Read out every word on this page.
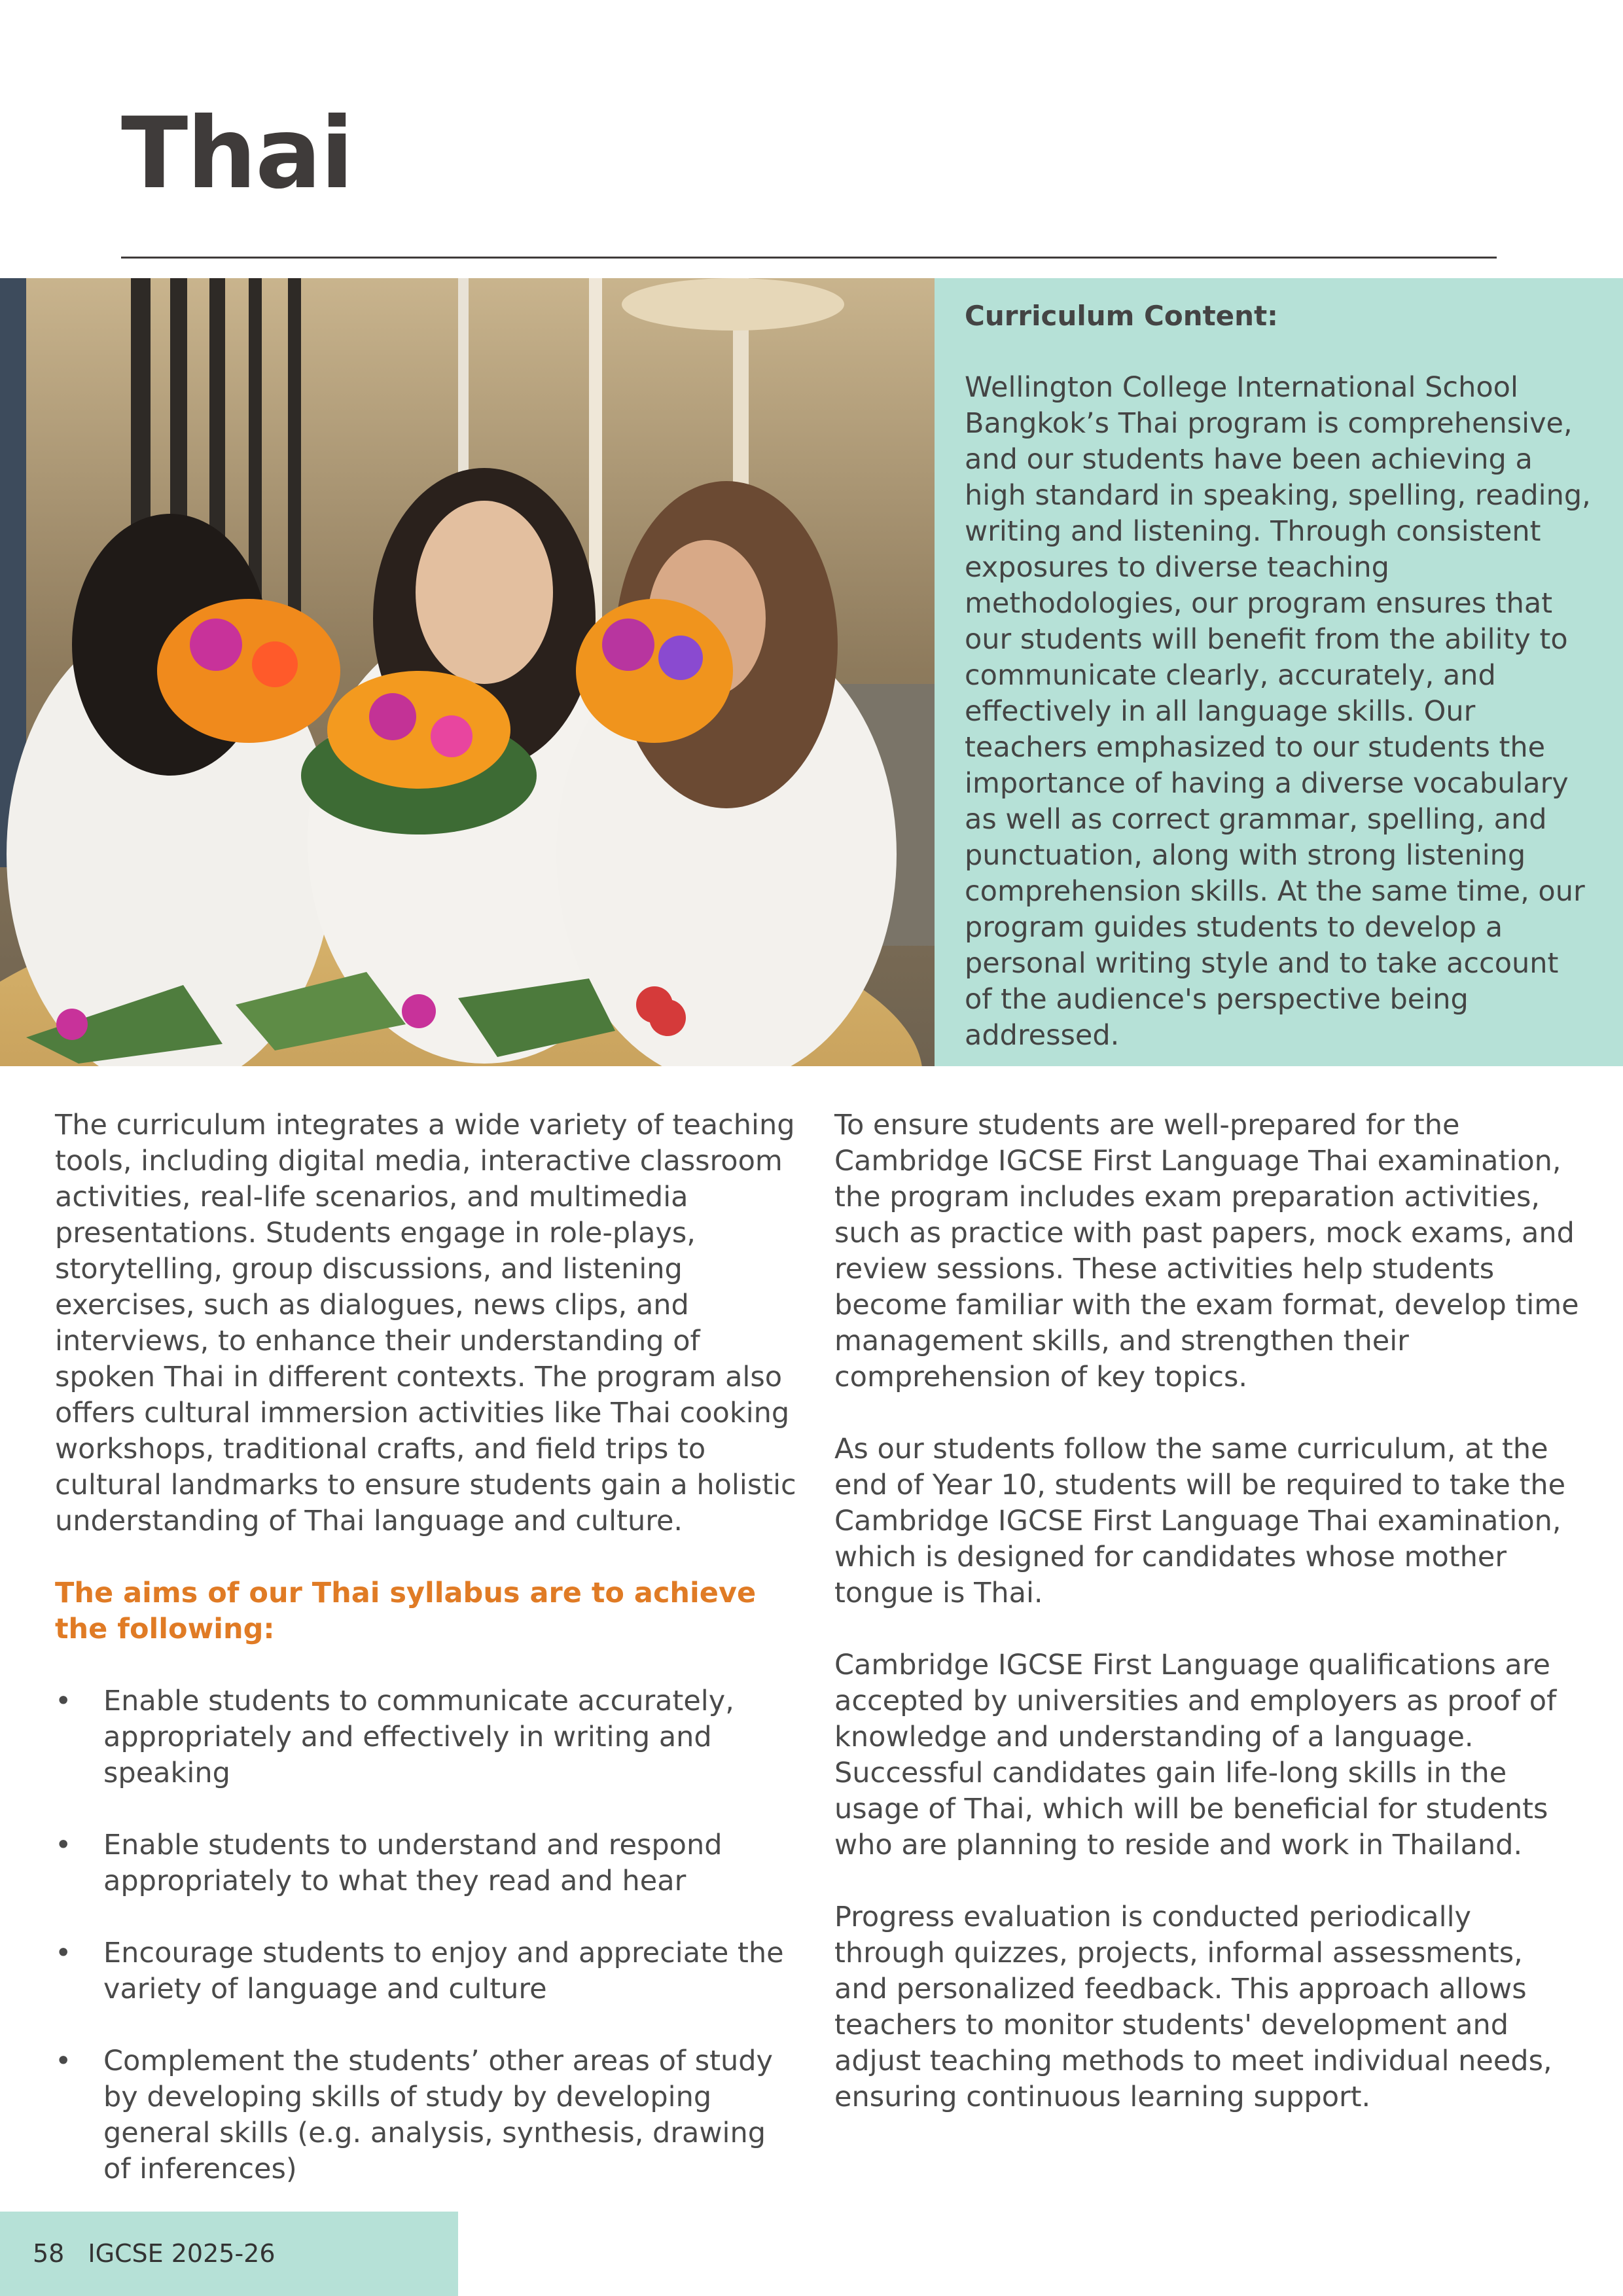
Thai
Curriculum Content:

Wellington College International School Bangkok’s Thai program is comprehensive, and our students have been achieving a high standard in speaking, spelling, reading, writing and listening. Through consistent exposures to diverse teaching methodologies, our program ensures that our students will benefit from the ability to communicate clearly, accurately, and effectively in all language skills. Our teachers emphasized to our students the importance of having a diverse vocabulary as well as correct grammar, spelling, and punctuation, along with strong listening comprehension skills. At the same time, our program guides students to develop a personal writing style and to take account of the audience's perspective being addressed.

The curriculum integrates a wide variety of teaching tools, including digital media, interactive classroom activities, real-life scenarios, and multimedia presentations. Students engage in role-plays, storytelling, group discussions, and listening exercises, such as dialogues, news clips, and interviews, to enhance their understanding of spoken Thai in different contexts. The program also offers cultural immersion activities like Thai cooking workshops, traditional crafts, and field trips to cultural landmarks to ensure students gain a holistic understanding of Thai language and culture.

The aims of our Thai syllabus are to achieve the following:
• Enable students to communicate accurately, appropriately and effectively in writing and speaking
• Enable students to understand and respond appropriately to what they read and hear
• Encourage students to enjoy and appreciate the variety of language and culture
• Complement the students’ other areas of study by developing skills of study by developing general skills (e.g. analysis, synthesis, drawing of inferences)

To ensure students are well-prepared for the Cambridge IGCSE First Language Thai examination, the program includes exam preparation activities, such as practice with past papers, mock exams, and review sessions. These activities help students become familiar with the exam format, develop time management skills, and strengthen their comprehension of key topics.

As our students follow the same curriculum, at the end of Year 10, students will be required to take the Cambridge IGCSE First Language Thai examination, which is designed for candidates whose mother tongue is Thai.

Cambridge IGCSE First Language qualifications are accepted by universities and employers as proof of knowledge and understanding of a language. Successful candidates gain life-long skills in the usage of Thai, which will be beneficial for students who are planning to reside and work in Thailand.

Progress evaluation is conducted periodically through quizzes, projects, informal assessments, and personalized feedback. This approach allows teachers to monitor students' development and adjust teaching methods to meet individual needs, ensuring continuous learning support.

58 IGCSE 2025-26
